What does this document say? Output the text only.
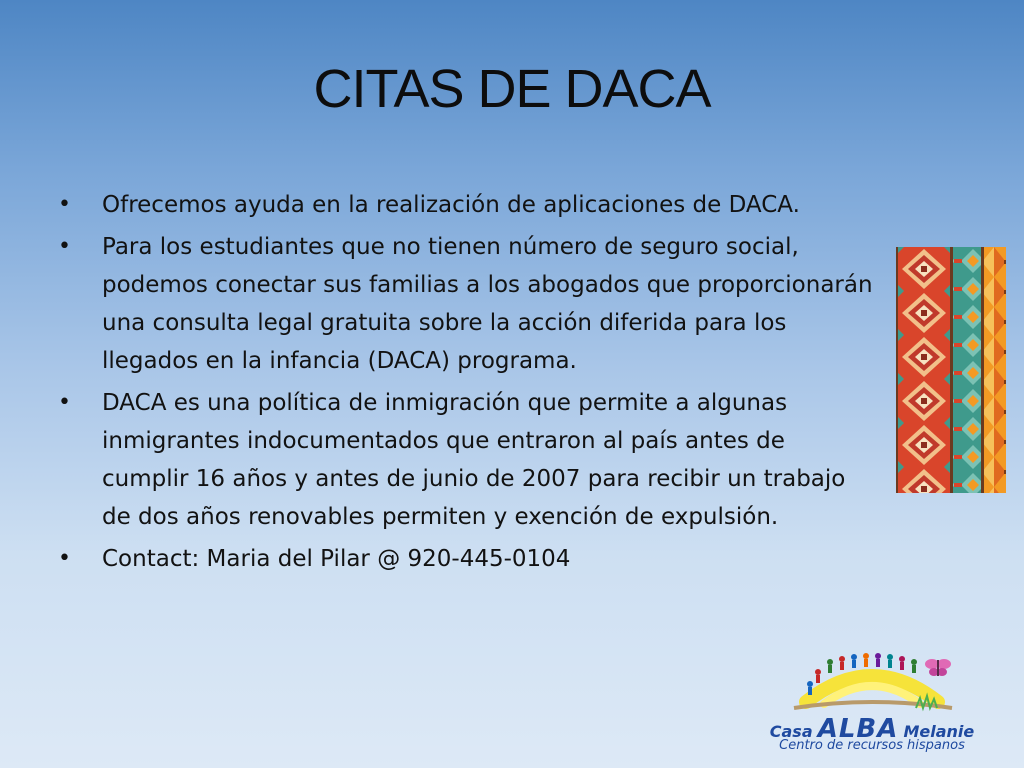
CITAS DE DACA
• Ofrecemos ayuda en la realización de aplicaciones de DACA.
• Para los estudiantes que no tienen número de seguro social, podemos conectar sus familias a los abogados que proporcionarán una consulta legal gratuita sobre la acción diferida para los llegados en la infancia (DACA) programa.
• DACA es una política de inmigración que permite a algunas inmigrantes indocumentados que entraron al país antes de cumplir 16 años y antes de junio de 2007 para recibir un trabajo de dos años renovables permiten y exención de expulsión.
• Contact: Maria del Pilar @ 920-445-0104
Casa ALBA Melanie
Centro de recursos hispanos
